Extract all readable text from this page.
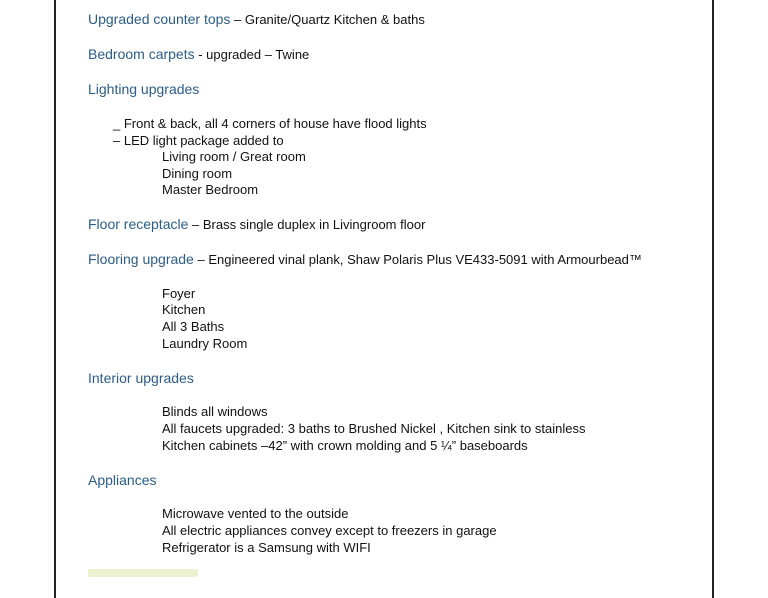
Upgraded counter tops – Granite/Quartz Kitchen & baths
Bedroom carpets - upgraded – Twine
Lighting upgrades
_ Front & back, all 4 corners of house have flood lights
– LED light package added to
Living room / Great room
Dining room
Master Bedroom
Floor receptacle – Brass single duplex in Livingroom floor
Flooring upgrade – Engineered vinal plank, Shaw Polaris Plus VE433-5091 with Armourbead™
Foyer
Kitchen
All 3 Baths
Laundry Room
Interior upgrades
Blinds all windows
All faucets upgraded: 3 baths to Brushed Nickel , Kitchen sink to stainless
Kitchen cabinets –42” with crown molding and 5 ¼” baseboards
Appliances
Microwave vented to the outside
All electric appliances convey except to freezers in garage
Refrigerator is a Samsung with WIFI
